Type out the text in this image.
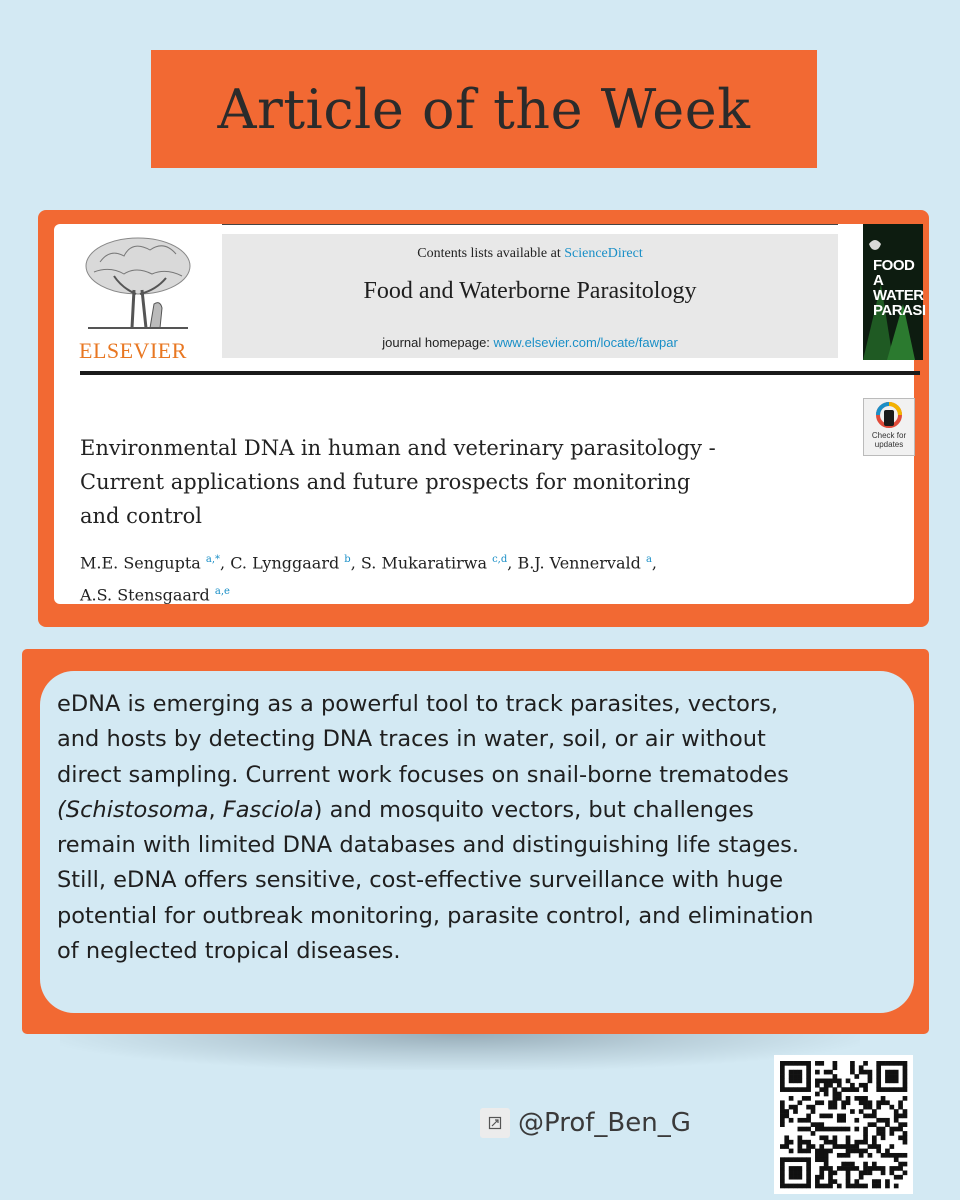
Article of the Week
ELSEVIER
Contents lists available at ScienceDirect
Food and Waterborne Parasitology
journal homepage: www.elsevier.com/locate/fawpar
FOOD A
WATER
PARASI
Check for
updates
Environmental DNA in human and veterinary parasitology -
Current applications and future prospects for monitoring
and control
M.E. Sengupta $^{a,*}$, C. Lynggaard $^b$, S. Mukaratirwa $^{c,d}$, B.J. Vennervald $^a$,
A.S. Stensgaard $^{a,e}$
eDNA is emerging as a powerful tool to track parasites, vectors,
and hosts by detecting DNA traces in water, soil, or air without
direct sampling. Current work focuses on snail-borne trematodes
(Schistosoma, Fasciola) and mosquito vectors, but challenges
remain with limited DNA databases and distinguishing life stages.
Still, eDNA offers sensitive, cost-effective surveillance with huge
potential for outbreak monitoring, parasite control, and elimination
of neglected tropical diseases.
@Prof_Ben_G
